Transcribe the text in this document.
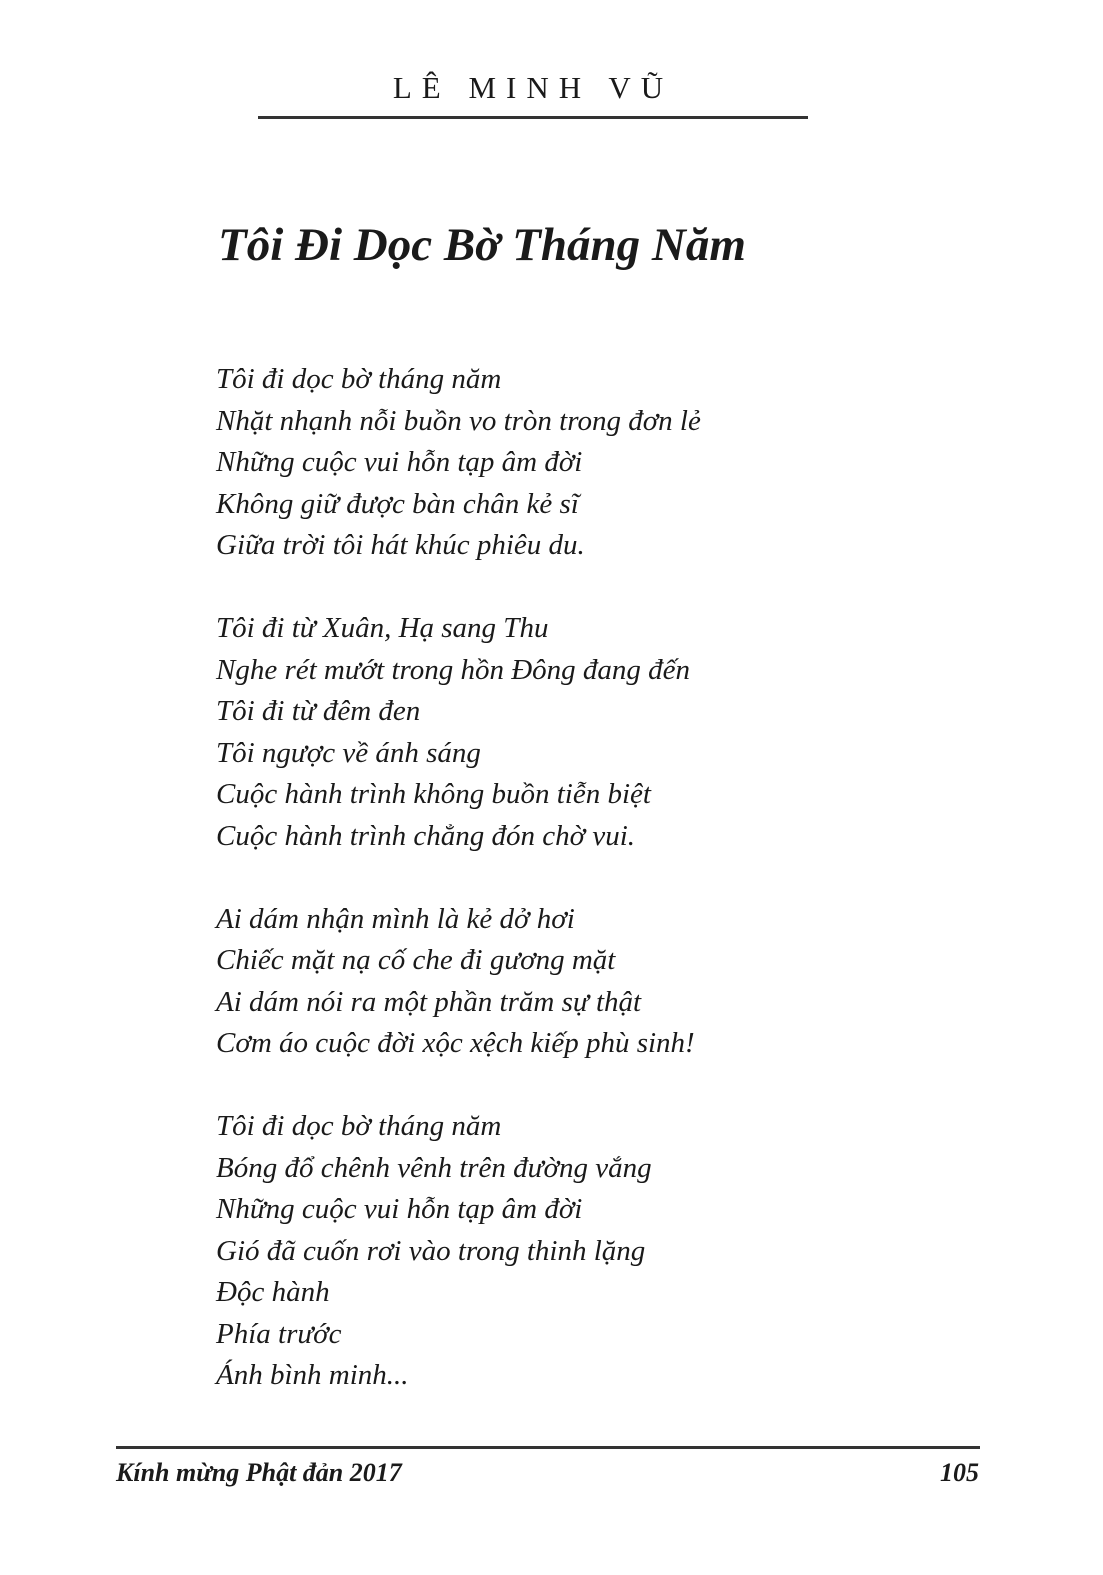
LÊ MINH VŨ
Tôi Đi Dọc Bờ Tháng Năm
Tôi đi dọc bờ tháng năm
Nhặt nhạnh nỗi buồn vo tròn trong đơn lẻ
Những cuộc vui hỗn tạp âm đời
Không giữ được bàn chân kẻ sĩ
Giữa trời tôi hát khúc phiêu du.
Tôi đi từ Xuân, Hạ sang Thu
Nghe rét mướt trong hồn Đông đang đến
Tôi đi từ đêm đen
Tôi ngược về ánh sáng
Cuộc hành trình không buồn tiễn biệt
Cuộc hành trình chẳng đón chờ vui.
Ai dám nhận mình là kẻ dở hơi
Chiếc mặt nạ cố che đi gương mặt
Ai dám nói ra một phần trăm sự thật
Cơm áo cuộc đời xộc xệch kiếp phù sinh!
Tôi đi dọc bờ tháng năm
Bóng đổ chênh vênh trên đường vắng
Những cuộc vui hỗn tạp âm đời
Gió đã cuốn rơi vào trong thinh lặng
Độc hành
Phía trước
Ánh bình minh...
Kính mừng Phật đản 2017	105
